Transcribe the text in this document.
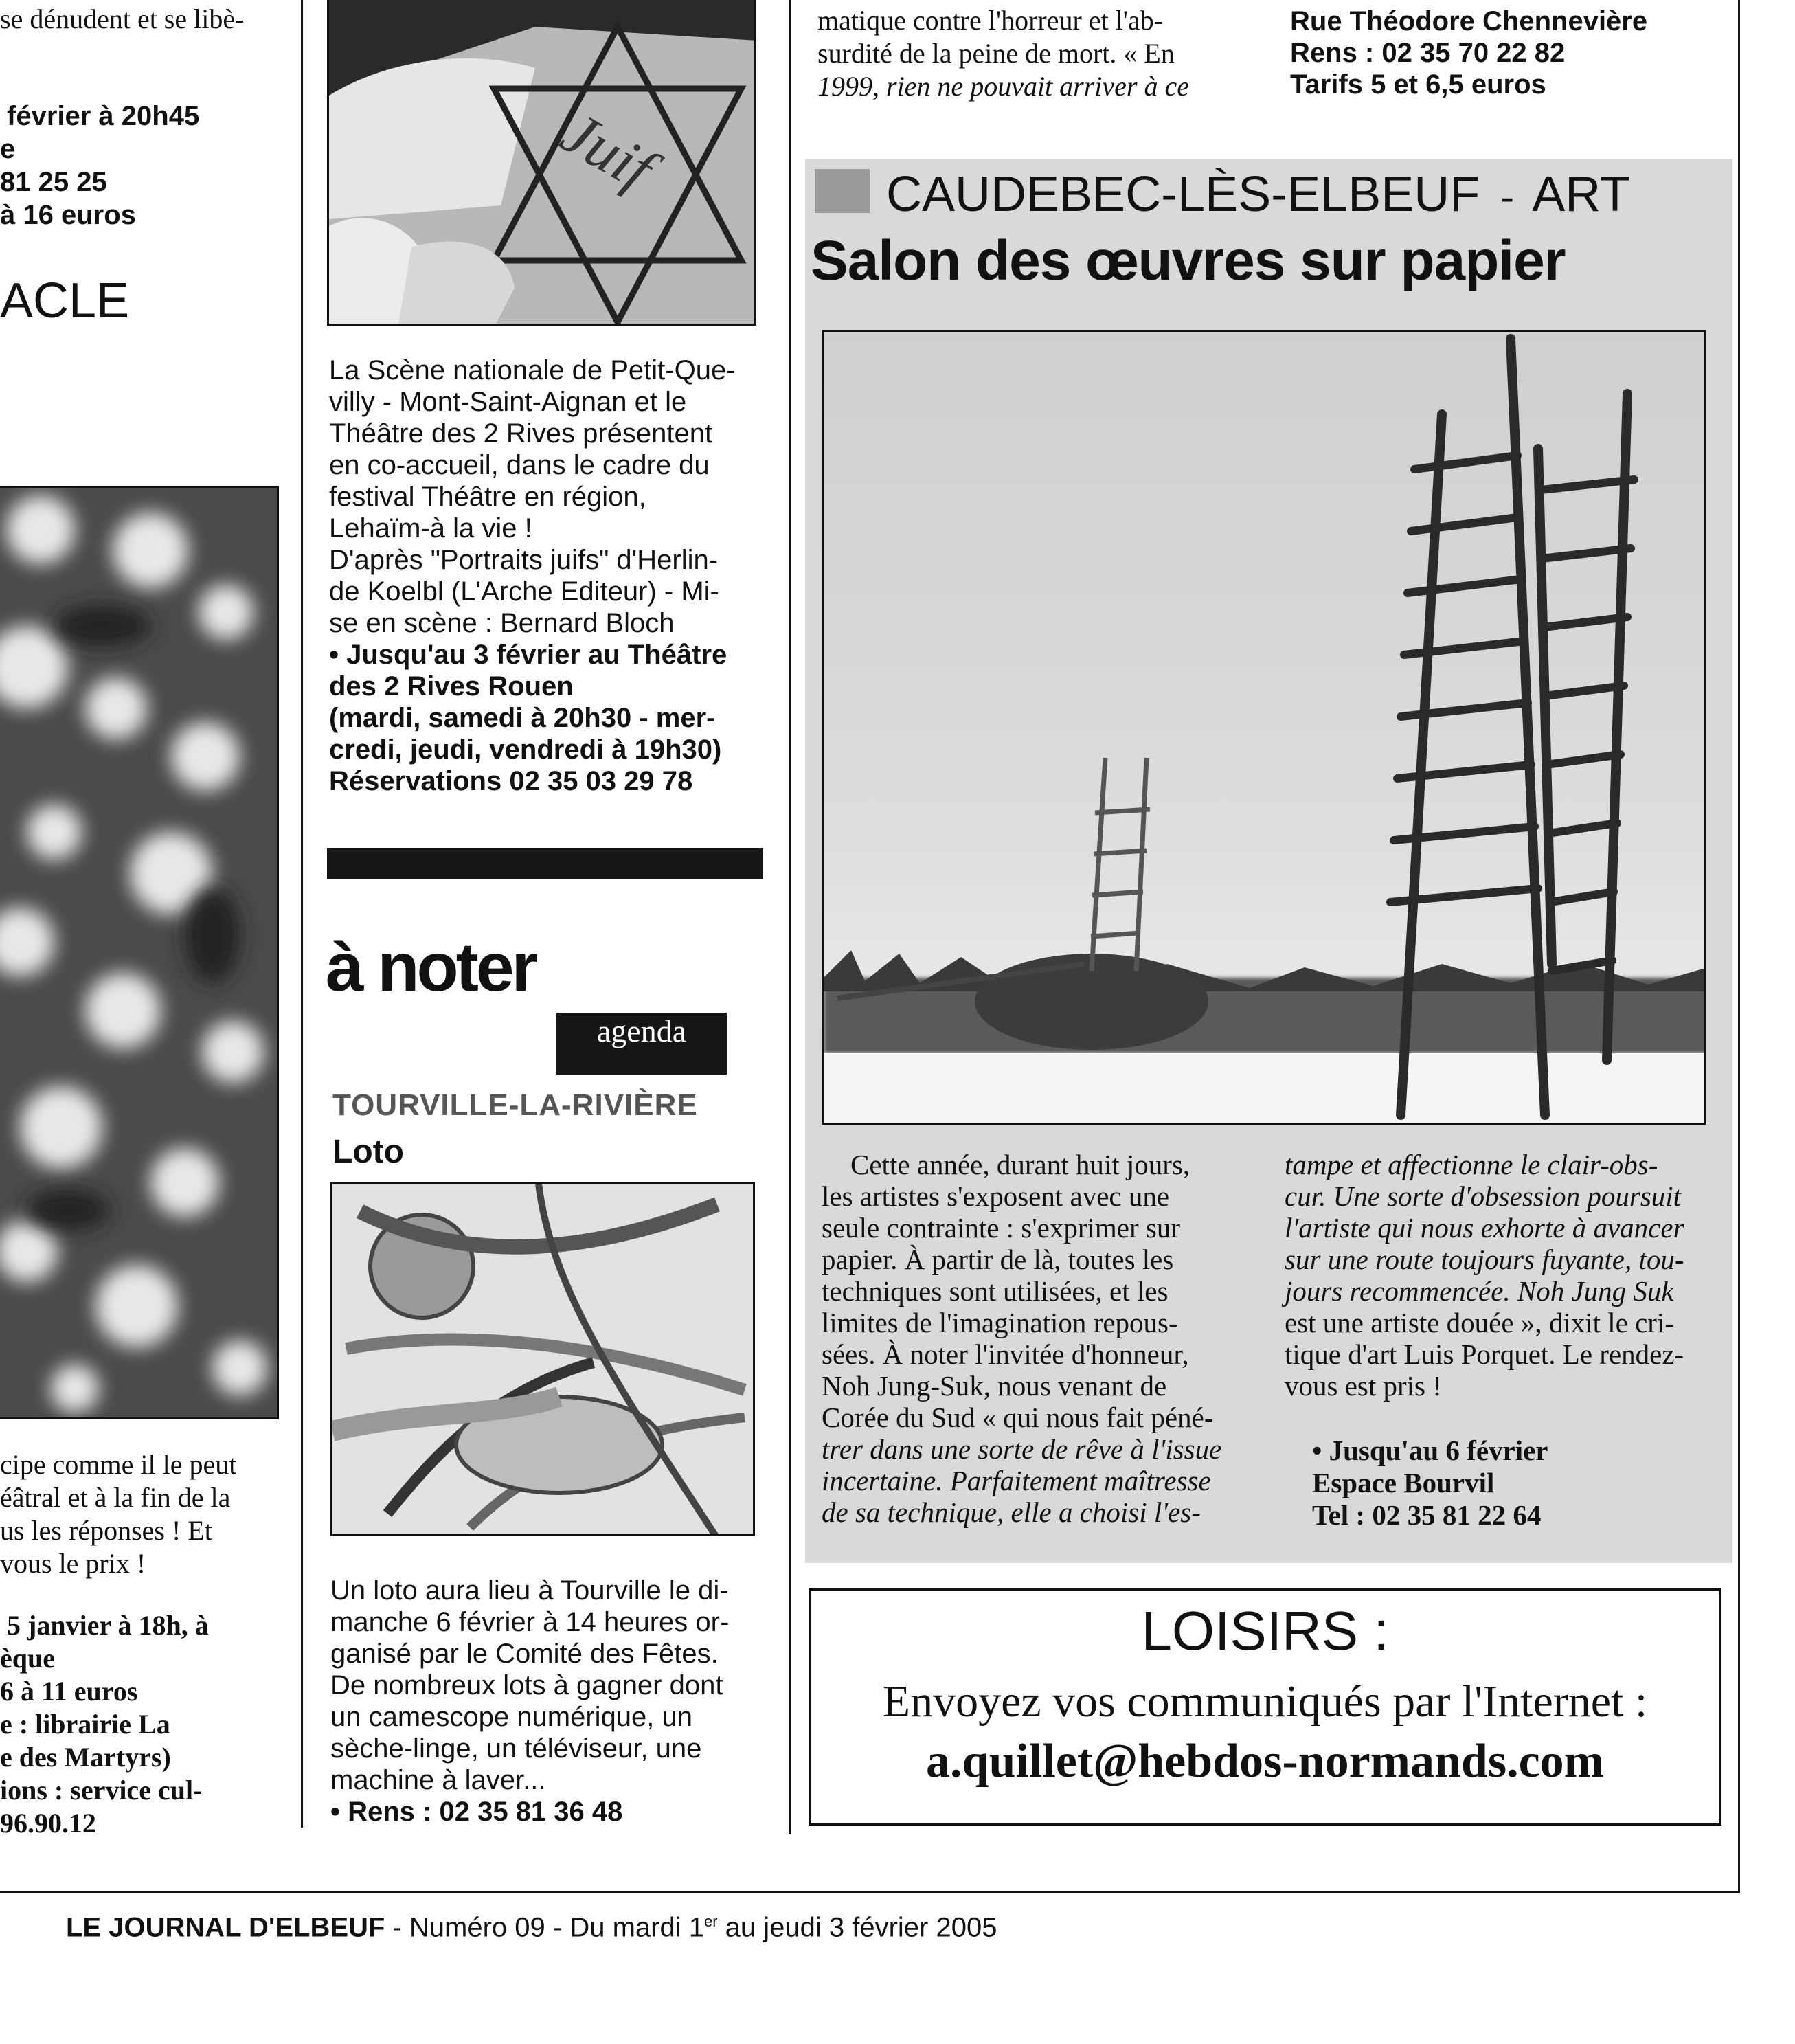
se dénudent et se libè-
février à 20h45
e
81 25 25
à 16 euros
ACLE
cipe comme il le peut
éâtral et à la fin de la
us les réponses ! Et
vous le prix !
5 janvier à 18h, à
èque
6 à 11 euros
e : librairie La
e des Martyrs)
ions : service cul-
96.90.12
Juif
La Scène nationale de Petit-Que-
villy - Mont-Saint-Aignan et le
Théâtre des 2 Rives présentent
en co-accueil, dans le cadre du
festival Théâtre en région,
Lehaïm-à la vie !
D'après "Portraits juifs" d'Herlin-
de Koelbl (L'Arche Editeur) - Mi-
se en scène : Bernard Bloch
• Jusqu'au 3 février au Théâtre
des 2 Rives Rouen
(mardi, samedi à 20h30 - mer-
credi, jeudi, vendredi à 19h30)
Réservations 02 35 03 29 78
à noter
agenda
TOURVILLE-LA-RIVIÈRE
Loto
Un loto aura lieu à Tourville le di-
manche 6 février à 14 heures or-
ganisé par le Comité des Fêtes.
De nombreux lots à gagner dont
un camescope numérique, un
sèche-linge, un téléviseur, une
machine à laver...
• Rens : 02 35 81 36 48
matique contre l'horreur et l'ab-
surdité de la peine de mort. « En
1999, rien ne pouvait arriver à ce
Rue Théodore Chennevière
Rens : 02 35 70 22 82
Tarifs 5 et 6,5 euros
CAUDEBEC-LÈS-ELBEUF - ART
Salon des œuvres sur papier
Cette année, durant huit jours,
les artistes s'exposent avec une
seule contrainte : s'exprimer sur
papier. À partir de là, toutes les
techniques sont utilisées, et les
limites de l'imagination repous-
sées. À noter l'invitée d'honneur,
Noh Jung-Suk, nous venant de
Corée du Sud « qui nous fait péné-
trer dans une sorte de rêve à l'issue
incertaine. Parfaitement maîtresse
de sa technique, elle a choisi l'es-
tampe et affectionne le clair-obs-
cur. Une sorte d'obsession poursuit
l'artiste qui nous exhorte à avancer
sur une route toujours fuyante, tou-
jours recommencée. Noh Jung Suk
est une artiste douée », dixit le cri-
tique d'art Luis Porquet. Le rendez-
vous est pris !
• Jusqu'au 6 février
Espace Bourvil
Tel : 02 35 81 22 64
LOISIRS :
Envoyez vos communiqués par l'Internet :
a.quillet@hebdos-normands.com
LE JOURNAL D'ELBEUF - Numéro 09 - Du mardi 1er au jeudi 3 février 2005
